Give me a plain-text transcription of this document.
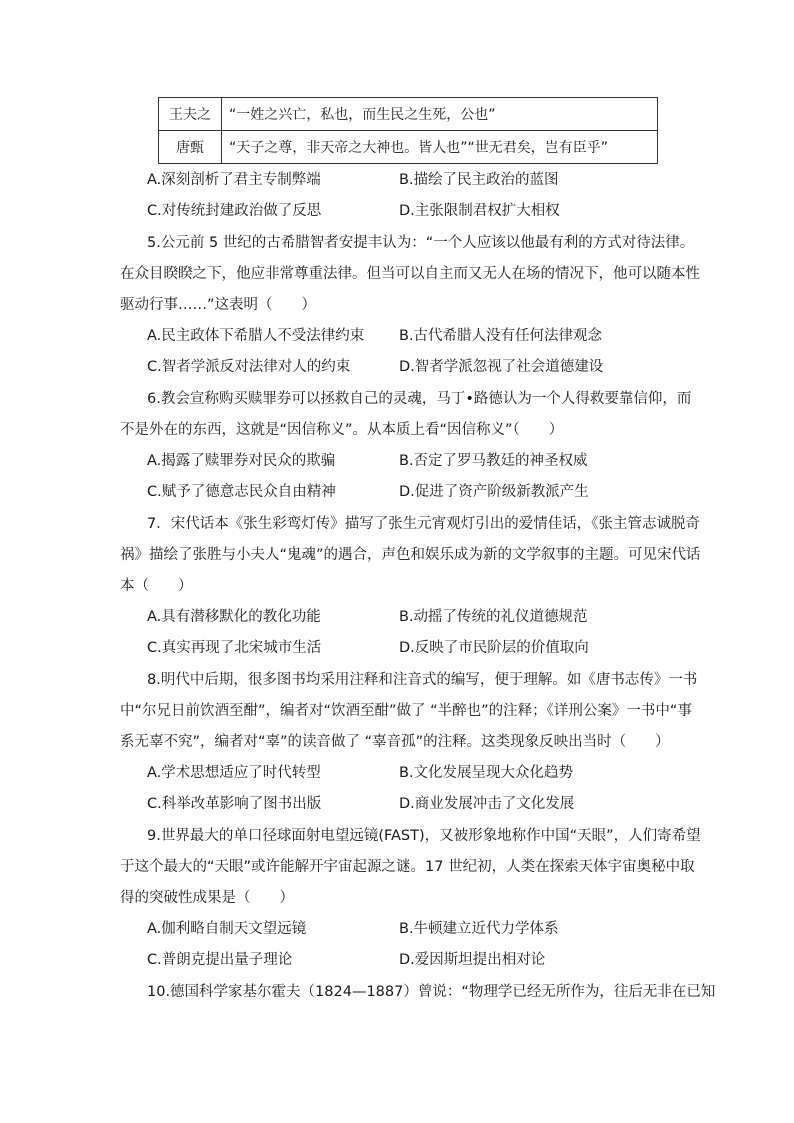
王夫之	“一姓之兴亡，私也，而生民之生死，公也”
唐甄	“天子之尊，非天帝之大神也。皆人也”“世无君矣，岂有臣乎”
A.深刻剖析了君主专制弊端	B.描绘了民主政治的蓝图
C.对传统封建政治做了反思	D.主张限制君权扩大相权
5.公元前 5 世纪的古希腊智者安提丰认为：“一个人应该以他最有利的方式对待法律。
在众目睽睽之下，他应非常尊重法律。但当可以自主而又无人在场的情况下，他可以随本性
驱动行事……”这表明（　　）
A.民主政体下希腊人不受法律约束 B.古代希腊人没有任何法律观念
C.智者学派反对法律对人的约束	D.智者学派忽视了社会道德建设
6.教会宣称购买赎罪券可以拯救自己的灵魂，马丁•路德认为一个人得救要靠信仰，而
不是外在的东西，这就是“因信称义”。从本质上看“因信称义”（　　）
A.揭露了赎罪券对民众的欺骗	B.否定了罗马教廷的神圣权威
C.赋予了德意志民众自由精神	D.促进了资产阶级新教派产生
7．宋代话本《张生彩鸾灯传》描写了张生元宵观灯引出的爱情佳话，《张主管志诚脱奇
祸》描绘了张胜与小夫人“鬼魂”的遇合，声色和娱乐成为新的文学叙事的主题。可见宋代话
本（　　）
A.具有潜移默化的教化功能	B.动摇了传统的礼仪道德规范
C.真实再现了北宋城市生活	D.反映了市民阶层的价值取向
8.明代中后期，很多图书均采用注释和注音式的编写，便于理解。如《唐书志传》一书
中“尔兄日前饮酒至酣”，编者对“饮酒至酣”做了 “半醉也”的注释；《详刑公案》一书中“事
系无辜不究”，编者对“辜”的读音做了 “辜音孤”的注释。这类现象反映出当时（　　）
A.学术思想适应了时代转型	B.文化发展呈现大众化趋势
C.科举改革影响了图书出版	D.商业发展冲击了文化发展
9.世界最大的单口径球面射电望远镜(FAST)，又被形象地称作中国“天眼”，人们寄希望
于这个最大的“天眼”或许能解开宇宙起源之谜。17 世纪初，人类在探索天体宇宙奥秘中取
得的突破性成果是（　　）
A.伽利略自制天文望远镜	B.牛顿建立近代力学体系
C.普朗克提出量子理论	D.爱因斯坦提出相对论
10.德国科学家基尔霍夫（1824—1887）曾说：“物理学已经无所作为，往后无非在已知
